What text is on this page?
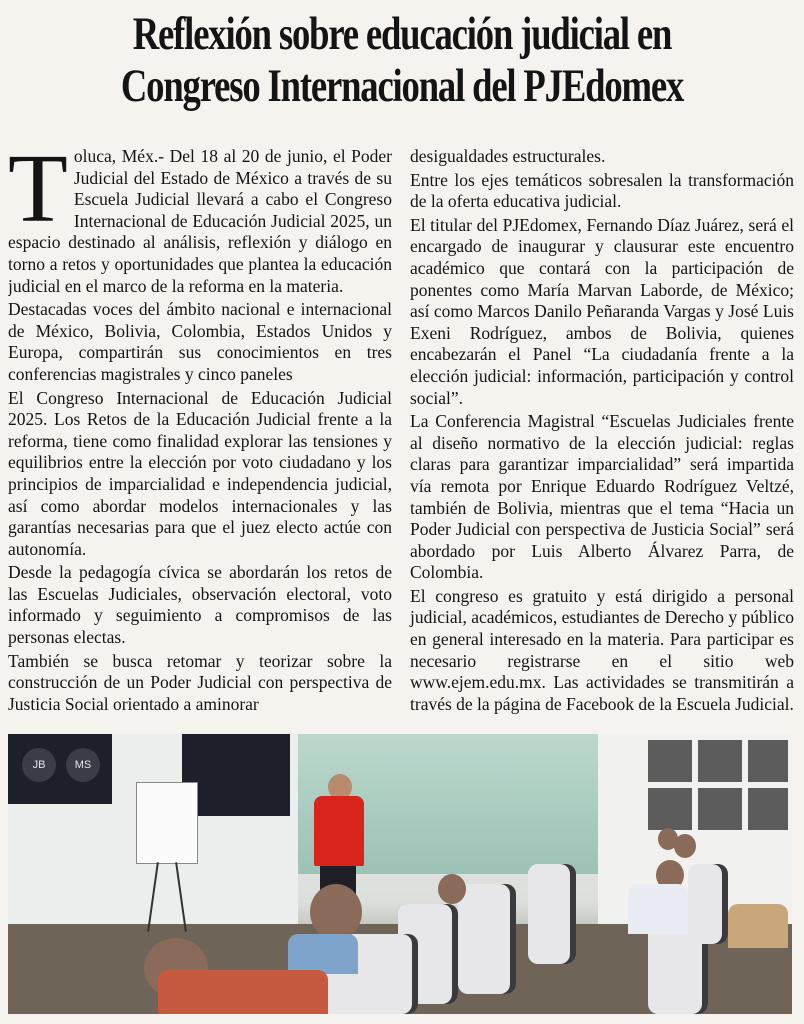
Reflexión sobre educación judicial en
Congreso Internacional del PJEdomex

Toluca, Méx.- Del 18 al 20 de junio, el Poder Judicial del Estado de México a través de su Escuela Judicial llevará a cabo el Congreso Internacional de Educación Judicial 2025, un espacio destinado al análisis, reflexión y diálogo en torno a retos y oportunidades que plantea la educación judicial en el marco de la reforma en la materia.

Destacadas voces del ámbito nacional e internacional de México, Bolivia, Colombia, Estados Unidos y Europa, compartirán sus conocimientos en tres conferencias magistrales y cinco paneles

El Congreso Internacional de Educación Judicial 2025. Los Retos de la Educación Judicial frente a la reforma, tiene como finalidad explorar las tensiones y equilibrios entre la elección por voto ciudadano y los principios de imparcialidad e independencia judicial, así como abordar modelos internacionales y las garantías necesarias para que el juez electo actúe con autonomía.

Desde la pedagogía cívica se abordarán los retos de las Escuelas Judiciales, observación electoral, voto informado y seguimiento a compromisos de las personas electas.

También se busca retomar y teorizar sobre la construcción de un Poder Judicial con perspectiva de Justicia Social orientado a aminorar

desigualdades estructurales.

Entre los ejes temáticos sobresalen la transformación de la oferta educativa judicial.

El titular del PJEdomex, Fernando Díaz Juárez, será el encargado de inaugurar y clausurar este encuentro académico que contará con la participación de ponentes como María Marvan Laborde, de México; así como Marcos Danilo Peñaranda Vargas y José Luis Exeni Rodríguez, ambos de Bolivia, quienes encabezarán el Panel “La ciudadanía frente a la elección judicial: información, participación y control social”.

La Conferencia Magistral “Escuelas Judiciales frente al diseño normativo de la elección judicial: reglas claras para garantizar imparcialidad” será impartida vía remota por Enrique Eduardo Rodríguez Veltzé, también de Bolivia, mientras que el tema “Hacia un Poder Judicial con perspectiva de Justicia Social” será abordado por Luis Alberto Álvarez Parra, de Colombia.

El congreso es gratuito y está dirigido a personal judicial, académicos, estudiantes de Derecho y público en general interesado en la materia. Para participar es necesario registrarse en el sitio web www.ejem.edu.mx. Las actividades se transmitirán a través de la página de Facebook de la Escuela Judicial.

JB	MS
